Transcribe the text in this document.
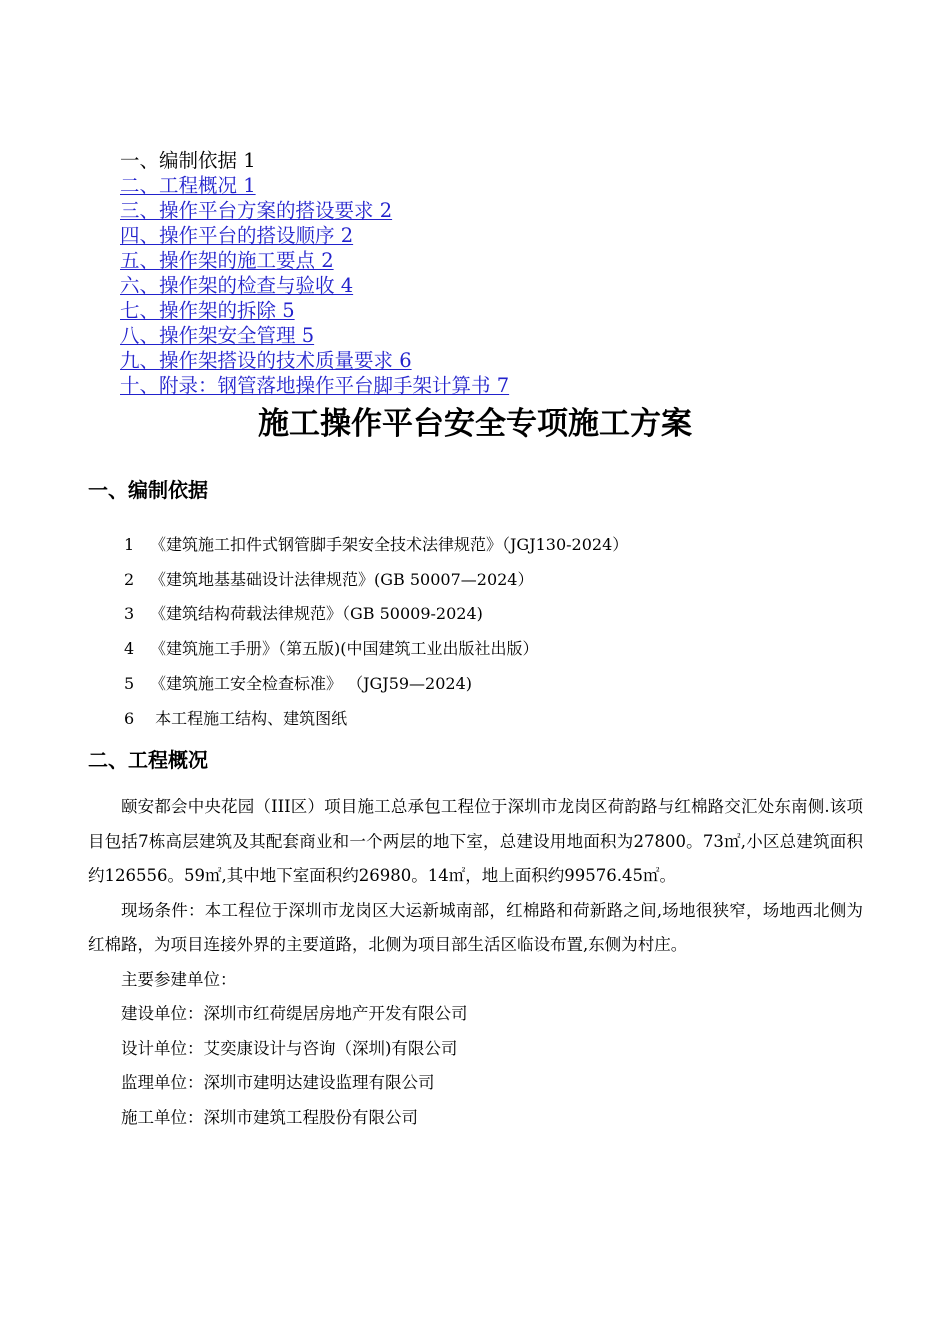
一、编制依据 1
二、工程概况 1
三、操作平台方案的搭设要求 2
四、操作平台的搭设顺序 2
五、操作架的施工要点 2
六、操作架的检查与验收 4
七、操作架的拆除 5
八、操作架安全管理 5
九、操作架搭设的技术质量要求 6
十、附录：钢管落地操作平台脚手架计算书 7
施工操作平台安全专项施工方案
一、编制依据
1 《建筑施工扣件式钢管脚手架安全技术法律规范》（JGJ130-2024）
2 《建筑地基基础设计法律规范》(GB 50007—2024）
3 《建筑结构荷载法律规范》（GB 50009-2024)
4 《建筑施工手册》（第五版)(中国建筑工业出版社出版）
5 《建筑施工安全检查标准》 （JGJ59—2024)
6 本工程施工结构、建筑图纸
二、工程概况

颐安都会中央花园（III区）项目施工总承包工程位于深圳市龙岗区荷韵路与红棉路交汇处东南侧.该项目包括7栋高层建筑及其配套商业和一个两层的地下室，总建设用地面积为27800。73㎡,小区总建筑面积约126556。59㎡,其中地下室面积约26980。14㎡，地上面积约99576.45㎡。

现场条件：本工程位于深圳市龙岗区大运新城南部，红棉路和荷新路之间,场地很狭窄，场地西北侧为红棉路，为项目连接外界的主要道路，北侧为项目部生活区临设布置,东侧为村庄。

主要参建单位：

建设单位：深圳市红荷缇居房地产开发有限公司

设计单位：艾奕康设计与咨询（深圳)有限公司

监理单位：深圳市建明达建设监理有限公司

施工单位：深圳市建筑工程股份有限公司
